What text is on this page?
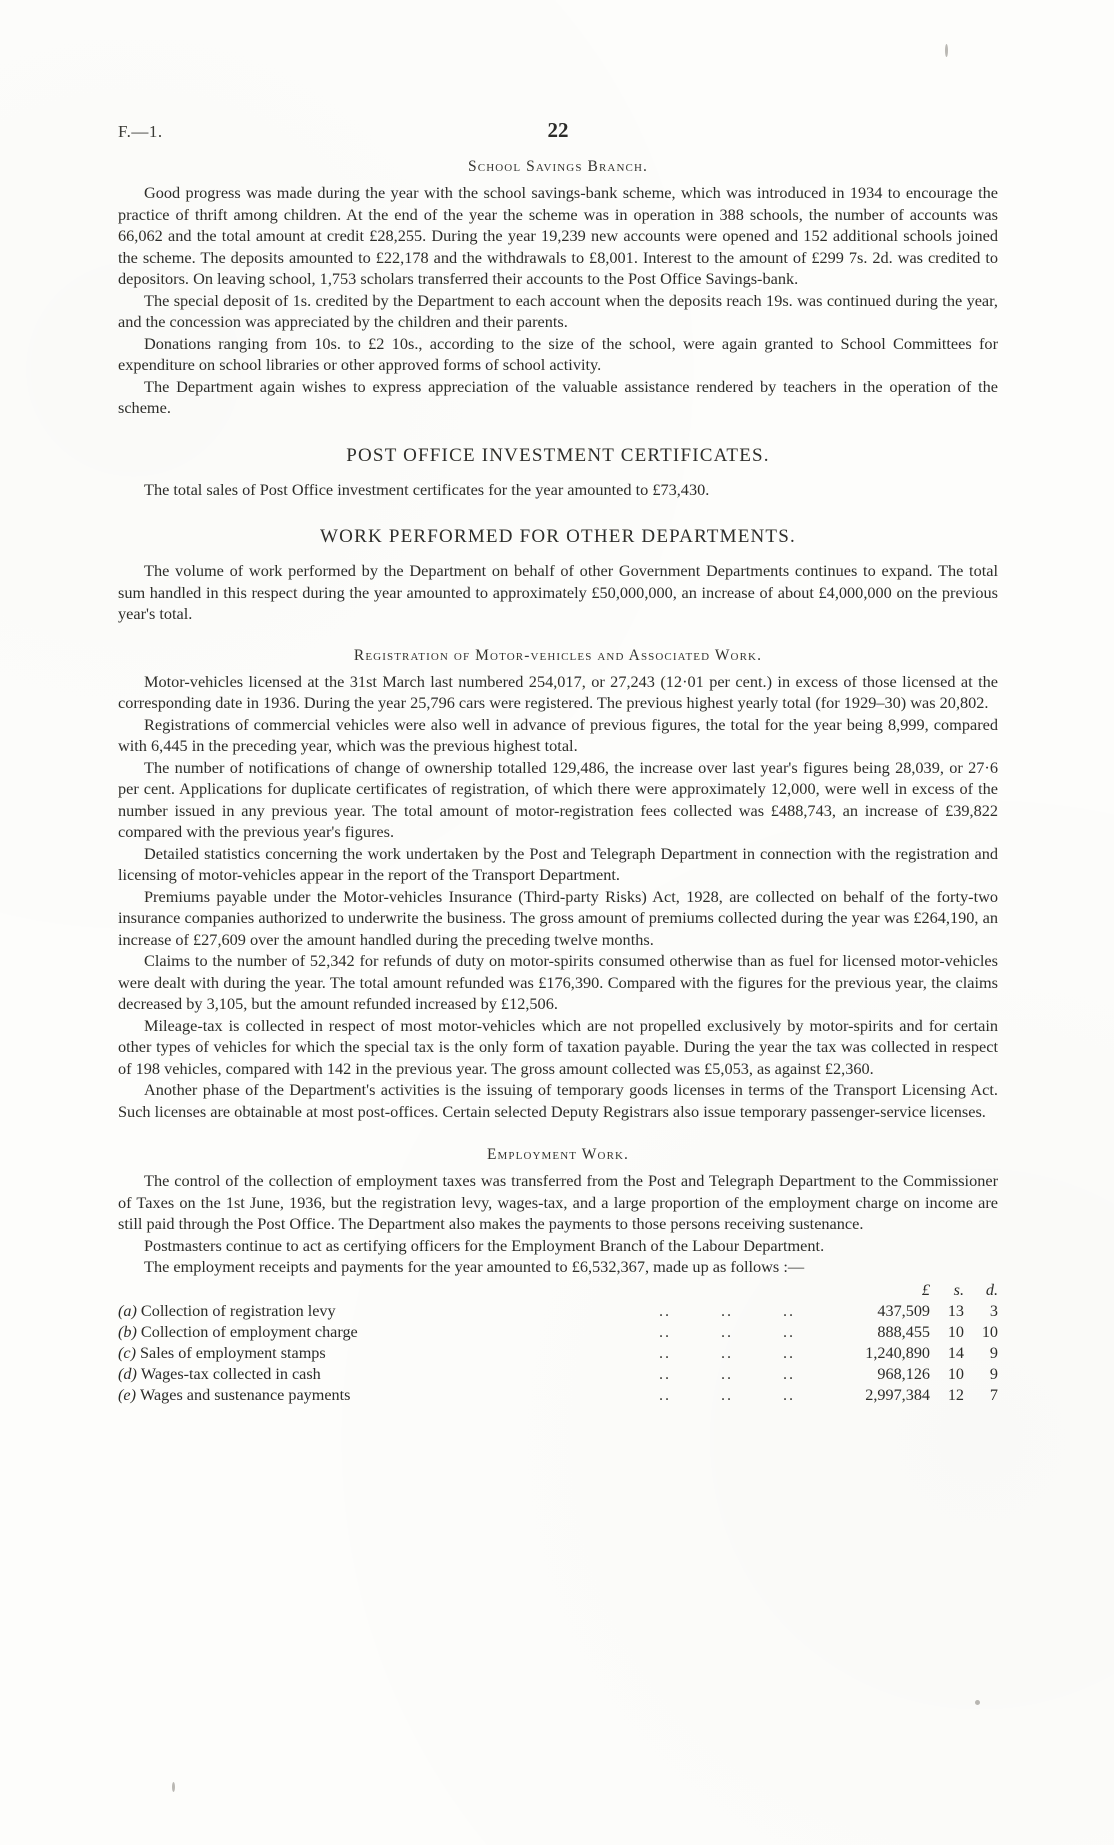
F.—1.	22
School Savings Branch.

Good progress was made during the year with the school savings-bank scheme, which was introduced in 1934 to encourage the practice of thrift among children. At the end of the year the scheme was in operation in 388 schools, the number of accounts was 66,062 and the total amount at credit £28,255. During the year 19,239 new accounts were opened and 152 additional schools joined the scheme. The deposits amounted to £22,178 and the withdrawals to £8,001. Interest to the amount of £299 7s. 2d. was credited to depositors. On leaving school, 1,753 scholars transferred their accounts to the Post Office Savings-bank.

The special deposit of 1s. credited by the Department to each account when the deposits reach 19s. was continued during the year, and the concession was appreciated by the children and their parents.

Donations ranging from 10s. to £2 10s., according to the size of the school, were again granted to School Committees for expenditure on school libraries or other approved forms of school activity.

The Department again wishes to express appreciation of the valuable assistance rendered by teachers in the operation of the scheme.

POST OFFICE INVESTMENT CERTIFICATES.

The total sales of Post Office investment certificates for the year amounted to £73,430.

WORK PERFORMED FOR OTHER DEPARTMENTS.

The volume of work performed by the Department on behalf of other Government Departments continues to expand. The total sum handled in this respect during the year amounted to approximately £50,000,000, an increase of about £4,000,000 on the previous year's total.

Registration of Motor-vehicles and Associated Work.

Motor-vehicles licensed at the 31st March last numbered 254,017, or 27,243 (12·01 per cent.) in excess of those licensed at the corresponding date in 1936. During the year 25,796 cars were registered. The previous highest yearly total (for 1929–30) was 20,802.

Registrations of commercial vehicles were also well in advance of previous figures, the total for the year being 8,999, compared with 6,445 in the preceding year, which was the previous highest total.

The number of notifications of change of ownership totalled 129,486, the increase over last year's figures being 28,039, or 27·6 per cent. Applications for duplicate certificates of registration, of which there were approximately 12,000, were well in excess of the number issued in any previous year. The total amount of motor-registration fees collected was £488,743, an increase of £39,822 compared with the previous year's figures.

Detailed statistics concerning the work undertaken by the Post and Telegraph Department in connection with the registration and licensing of motor-vehicles appear in the report of the Transport Department.

Premiums payable under the Motor-vehicles Insurance (Third-party Risks) Act, 1928, are collected on behalf of the forty-two insurance companies authorized to underwrite the business. The gross amount of premiums collected during the year was £264,190, an increase of £27,609 over the amount handled during the preceding twelve months.

Claims to the number of 52,342 for refunds of duty on motor-spirits consumed otherwise than as fuel for licensed motor-vehicles were dealt with during the year. The total amount refunded was £176,390. Compared with the figures for the previous year, the claims decreased by 3,105, but the amount refunded increased by £12,506.

Mileage-tax is collected in respect of most motor-vehicles which are not propelled exclusively by motor-spirits and for certain other types of vehicles for which the special tax is the only form of taxation payable. During the year the tax was collected in respect of 198 vehicles, compared with 142 in the previous year. The gross amount collected was £5,053, as against £2,360.

Another phase of the Department's activities is the issuing of temporary goods licenses in terms of the Transport Licensing Act. Such licenses are obtainable at most post-offices. Certain selected Deputy Registrars also issue temporary passenger-service licenses.

Employment Work.

The control of the collection of employment taxes was transferred from the Post and Telegraph Department to the Commissioner of Taxes on the 1st June, 1936, but the registration levy, wages-tax, and a large proportion of the employment charge on income are still paid through the Post Office. The Department also makes the payments to those persons receiving sustenance.

Postmasters continue to act as certifying officers for the Employment Branch of the Labour Department.

The employment receipts and payments for the year amounted to £6,532,367, made up as follows :—

				£	s.	d.
(a) Collection of registration levy	..	..	..	437,509	13	3
(b) Collection of employment charge	..	..	..	888,455	10	10
(c) Sales of employment stamps	..	..	..	1,240,890	14	9
(d) Wages-tax collected in cash	..	..	..	968,126	10	9
(e) Wages and sustenance payments	..	..	..	2,997,384	12	7
